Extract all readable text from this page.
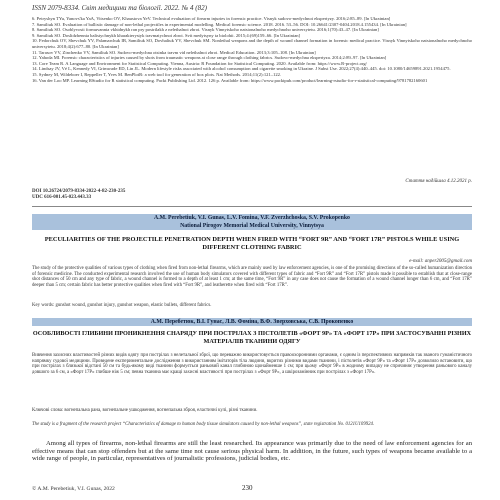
ISSN 2079-8334. Світ медицини та біології. 2022. № 4 (82)

6. Petryshyn TYu, Yanovs'ka YaA, Vitsenko OV, Khaustova YeV. Technical evaluation of firearm injuries in forensic practice. Visnyk sudovo-medychnoi ekspertyzy. 2016;2:85–89. [In Ukrainian]

7. Samiliuk SO. Evaluation of ballistic damage of non-lethal projectiles in experimental modelling. Medical forensic science. 2018. 2016. 53–56. DOI: 10.26641/2307-0404.2018.4.155434. [In Ukrainian]

8. Samiliuk SO. Osoblyvosti formuvannia vkhidnykh ran pry postrilakh z nelethalnoi zbroi. Visnyk Vinnytskoho natsionalnoho medychnoho universytetu. 2016;1(70):43–47. [In Ukrainian]

9. Samiliuk SO. Doslidzhennia balistychnykh kharakterystyk travmatychnoi zbroi. Svit medytsyny ta biolohii. 2015;4:(69)159–66. [In Ukrainian]

10. Fedorchuk OV, Shevchuk YV, Palamarchuk IB, Samiliuk SO, Dovhaliuk YV, Shevchuk SM. Nonlethal weapons and the depth of wound channel formation in forensic medical practice. Visnyk Vinnytskoho natsionalnoho medychnoho universytetu. 2018;4(2):677–80. [In Ukrainian]

11. Tarasov VV, Zinchenko VV, Samiliuk SO. Sudovo-medychna otsinka travm vid nelethalnoi zbroi. Medical Education. 2013;3:105–108. [In Ukrainian]

12. Yahoda MI. Forensic characteristics of injuries caused by shots from traumatic weapons at close range through clothing fabrics. Sudovo-medychna ekspertyza. 2014;2:89–97. [In Ukrainian]

13. Core Team R. A Language and Environment for Statistical Computing. Vienna, Austria: R Foundation for Statistical Computing. 2020. Available from: https://www.R-project.org/

14. Lindsay JV, Vé L, Kennedy VI, Grimwade ED, Lin JL. Modern lifestyle risks associated with alcohol consumption and cigarette smoking in Ukraine. J Subst Use. 2022;27(4):440–445. doi: 10.1080/14659891.2021.1954475.

15. Sydney M, Wildeboer I, Reppeller T, Yves M. BenPlotR: a web tool for generation of box plots. Nat Methods. 2014;11(2):121–122.

16. Van der Loo MP. Learning RStudio for R statistical computing. Packt Publishing Ltd. 2012. 126 p. Available from: https://www.packtpub.com/product/learning-rstudio-for-r-statistical-computing/9781782160601

Стаття надійшла 4.12.2021 р.
DOI 10.26724/2079-8334-2022-4-82-230-235
UDC 616-001.45-023.443.33
A.M. Perebetiuk, V.I. Gunas, L.V. Fomina, V.F. Zverzhchoska, S.V. Prokopenko
National Pirogov Memorial Medical University, Vinnytsya
PECULIARITIES OF THE PROJECTILE PENETRATION DEPTH WHEN FIRED WITH “FORT 9R” AND “FORT 17R” PISTOLS WHILE USING DIFFERENT CLOTHING FABRIC
e-mail: anper2005@gmail.com
The study of the protective qualities of various types of clothing when fired from non-lethal firearms, which are mainly used by law enforcement agencies, is one of the promising directions of the so-called humanization direction of forensic medicine. The conducted experimental research involved the use of human body simulators covered with different types of fabric and “Fort 9R” and “Fort 17R” pistols made it possible to establish that at close-range shot distances of 50 cm and any type of fabric, a wound channel is formed to a depth of at least 1 cm; at the same time, “Fort 9R” in any case does not cause the formation of a wound channel longer than 6 cm, and “Fort 17R” deeper than 5 cm; certain fabric has better protective qualities when fired with “Fort 9R”, and leatherette when fired with “Fort 17R”.
Key words: gunshot wound, gunshot injury, gunshot weapon, elastic bullets, different fabrics.
А.М. Перебетюк, В.І. Гунас, Л.В. Фоміна, В.Ф. Зверховська, С.В. Прокопенко
ОСОБЛИВОСТІ ГЛИБИНИ ПРОНИКНЕННЯ СНАРЯДУ ПРИ ПОСТРІЛАХ З ПІСТОЛЕТІВ «ФОРТ 9Р» ТА «ФОРТ 17Р» ПРИ ЗАСТОСУВАННІ РІЗНИХ МАТЕРІАЛІВ ТКАНИНИ ОДЯГУ
Вивчення захисних властивостей різних видів одягу при пострілах з нелетальної зброї, що переважно використовується правоохоронними органами, є одним із перспективних напрямків так званого гуманістичного напрямку судової медицини. Проведене експериментальне дослідження з використанням імітаторів тіла людини, вкритих різними видами тканини, і пістолетів «Форт 9Р» та «Форт 17Р» дозволило встановити, що при пострілах з близької відстані 50 см та будь-якому виді тканини формується раньовий канал глибиною щонайменше 1 см; при цьому «Форт 9Р» в жодному випадку не спричиняє утворення раньового каналу довшого за 6 см, а «Форт 17Р» глибше ніж 5 см; певна тканина має кращі захисні властивості при пострілах з «Форт 9Р», а шкірозамінник при пострілах з «Форт 17Р».
Ключові слова: вогнепальна рана, вогнепальне ушкодження, вогнепальна зброя, еластичні кулі, різні тканини.
The study is a fragment of the research project “Characteristics of damage to human body tissue simulators caused by non-lethal weapons”, state registration No. 0121U109924.
Among all types of firearms, non-lethal firearms are still the least researched. Its appearance was primarily due to the need of law enforcement agencies for an effective means that can stop offenders but at the same time not cause serious physical harm. In addition, in the future, such types of weapons became available to a wide range of people, in particular, representatives of journalistic professions, judicial bodies, etc.
© A.M. Perebetiuk, V.I. Gunas, 2022	230
